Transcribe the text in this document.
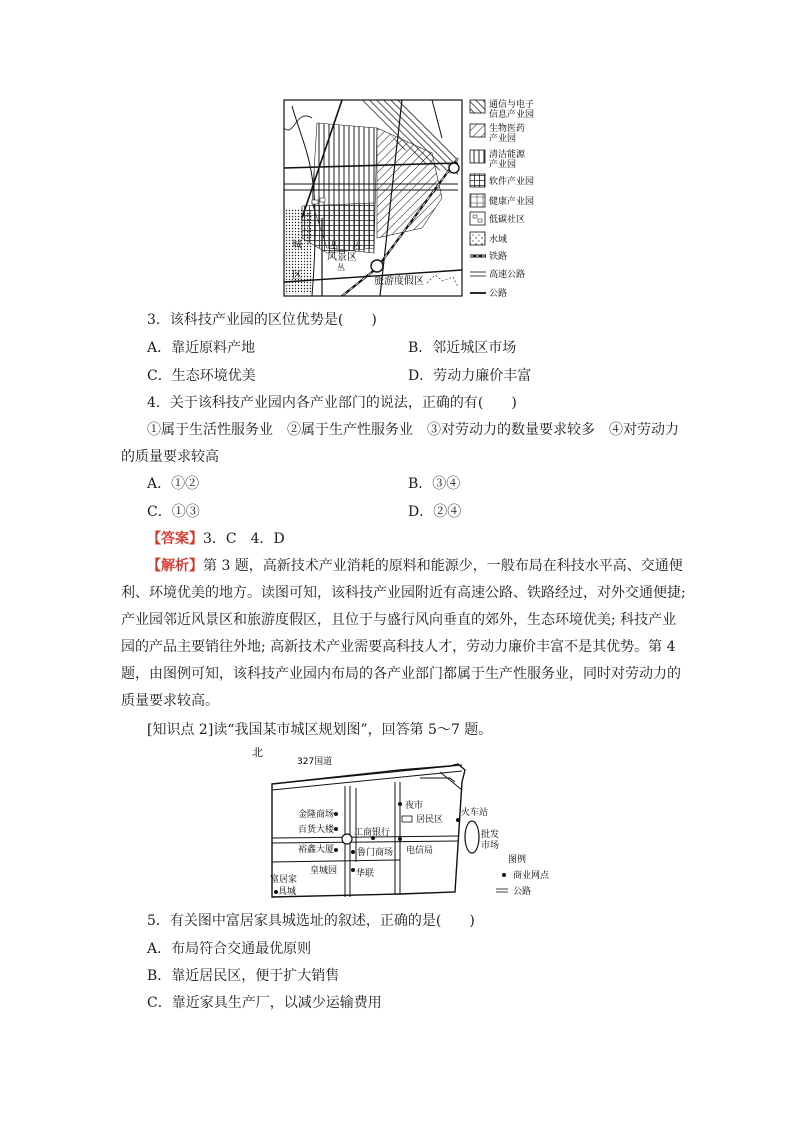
城
区
风景区
丛 丛
丛
旅游度假区
通信与电子
信息产业园
生物医药
产业园
清洁能源
产业园
软件产业园
健康产业园
低碳社区
水域
铁路
高速公路
公路
3．该科技产业园的区位优势是(　　)
A．靠近原料产地	B．邻近城区市场
C．生态环境优美	D．劳动力廉价丰富
4．关于该科技产业园内各产业部门的说法，正确的有(　　)
①属于生活性服务业　②属于生产性服务业　③对劳动力的数量要求较多　④对劳动力
的质量要求较高
A．①②	B．③④
C．①③	D．②④
【答案】3．C　4．D
【解析】第 3 题，高新技术产业消耗的原料和能源少，一般布局在科技水平高、交通便
利、环境优美的地方。读图可知，该科技产业园附近有高速公路、铁路经过，对外交通便捷;
产业园邻近风景区和旅游度假区，且位于与盛行风向垂直的郊外，生态环境优美; 科技产业
园的产品主要销往外地; 高新技术产业需要高科技人才，劳动力廉价丰富不是其优势。第 4
题，由图例可知，该科技产业园内布局的各产业部门都属于生产性服务业，同时对劳动力的
质量要求较高。
[知识点 2]读“我国某市城区规划图”，回答第 5～7 题。
北
327国道
金隆商场
百货大楼
夜市
居民区
火车站
工商银行
裕鑫大厦	鲁门商场 电信局
皇城园 华联
富居家
具城
批发
市场
图例
商业网点
公路
5．有关图中富居家具城选址的叙述，正确的是(　　)
A．布局符合交通最优原则
B．靠近居民区，便于扩大销售
C．靠近家具生产厂，以减少运输费用
